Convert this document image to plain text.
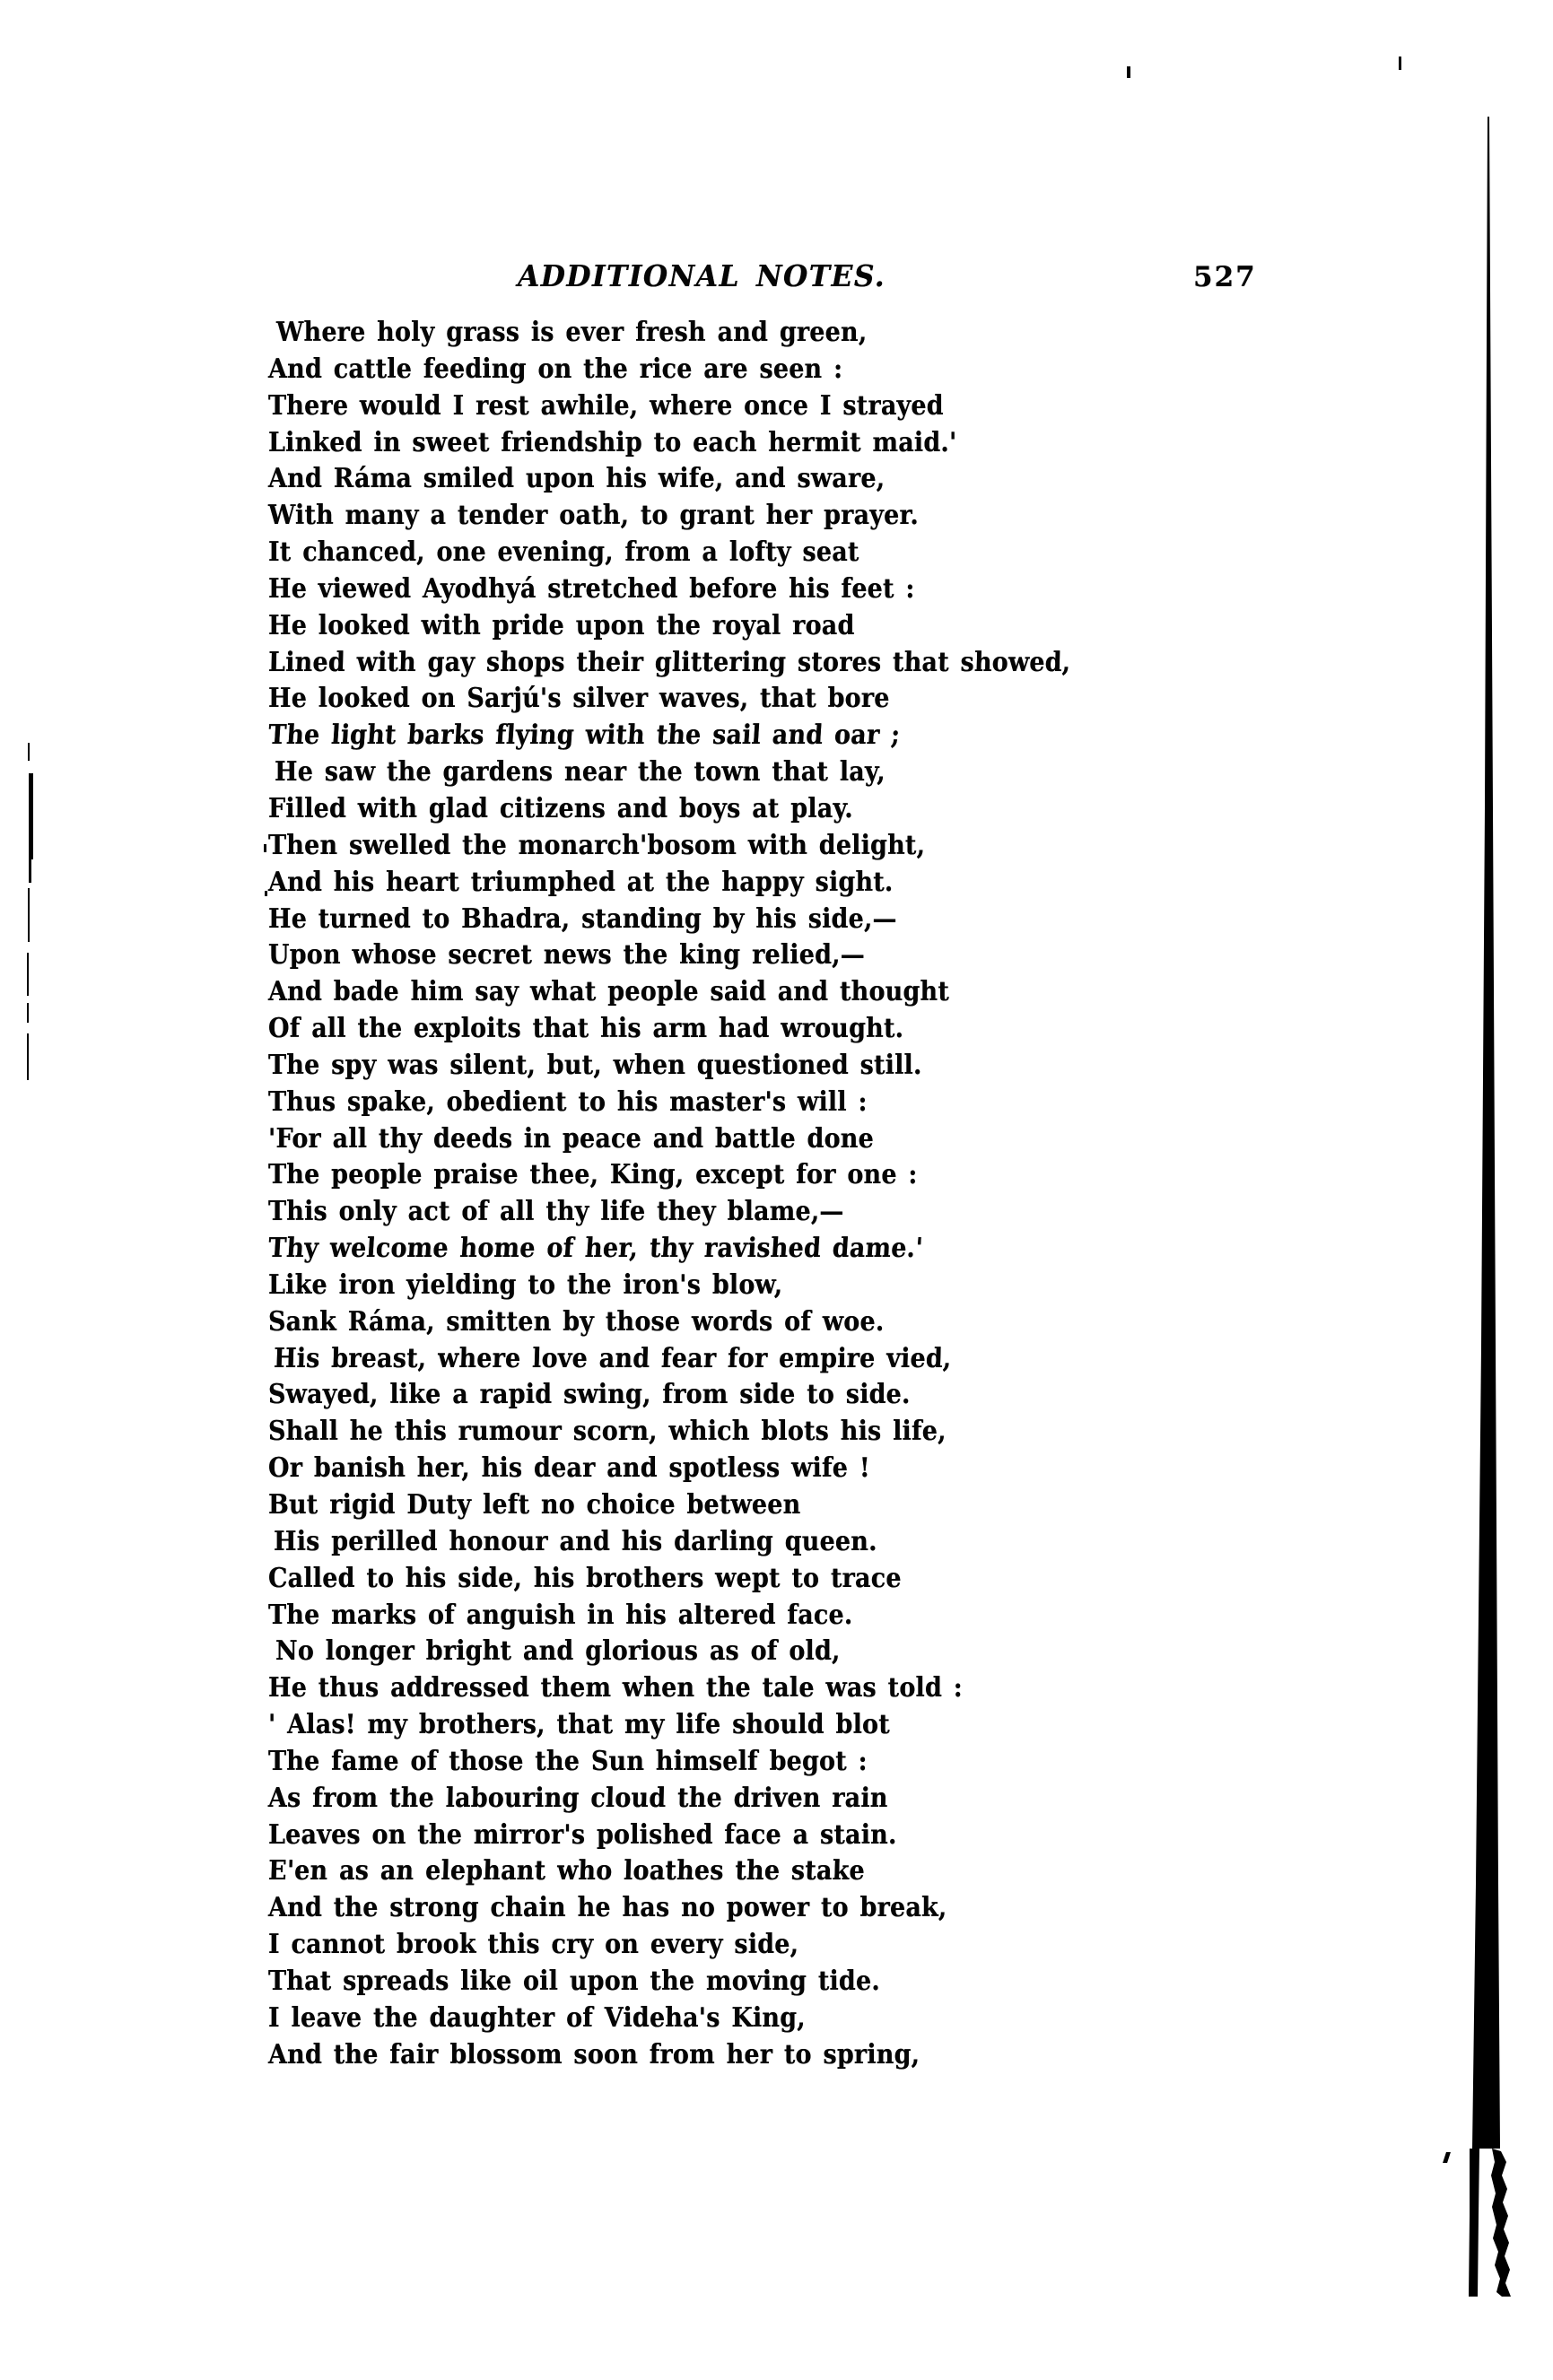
ADDITIONAL NOTES.	527
Where holy grass is ever fresh and green,
And cattle feeding on the rice are seen :
There would I rest awhile, where once I strayed
Linked in sweet friendship to each hermit maid.'
And Ráma smiled upon his wife, and sware,
With many a tender oath, to grant her prayer.
It chanced, one evening, from a lofty seat
He viewed Ayodhyá stretched before his feet :
He looked with pride upon the royal road
Lined with gay shops their glittering stores that showed,
He looked on Sarjú's silver waves, that bore
The light barks flying with the sail and oar ;
He saw the gardens near the town that lay,
Filled with glad citizens and boys at play.
Then swelled the monarch'bosom with delight,
And his heart triumphed at the happy sight.
He turned to Bhadra, standing by his side,—
Upon whose secret news the king relied,—
And bade him say what people said and thought
Of all the exploits that his arm had wrought.
The spy was silent, but, when questioned still.
Thus spake, obedient to his master's will :
'For all thy deeds in peace and battle done
The people praise thee, King, except for one :
This only act of all thy life they blame,—
Thy welcome home of her, thy ravished dame.'
Like iron yielding to the iron's blow,
Sank Ráma, smitten by those words of woe.
His breast, where love and fear for empire vied,
Swayed, like a rapid swing, from side to side.
Shall he this rumour scorn, which blots his life,
Or banish her, his dear and spotless wife !
But rigid Duty left no choice between
His perilled honour and his darling queen.
Called to his side, his brothers wept to trace
The marks of anguish in his altered face.
No longer bright and glorious as of old,
He thus addressed them when the tale was told :
' Alas! my brothers, that my life should blot
The fame of those the Sun himself begot :
As from the labouring cloud the driven rain
Leaves on the mirror's polished face a stain.
E'en as an elephant who loathes the stake
And the strong chain he has no power to break,
I cannot brook this cry on every side,
That spreads like oil upon the moving tide.
I leave the daughter of Videha's King,
And the fair blossom soon from her to spring,
